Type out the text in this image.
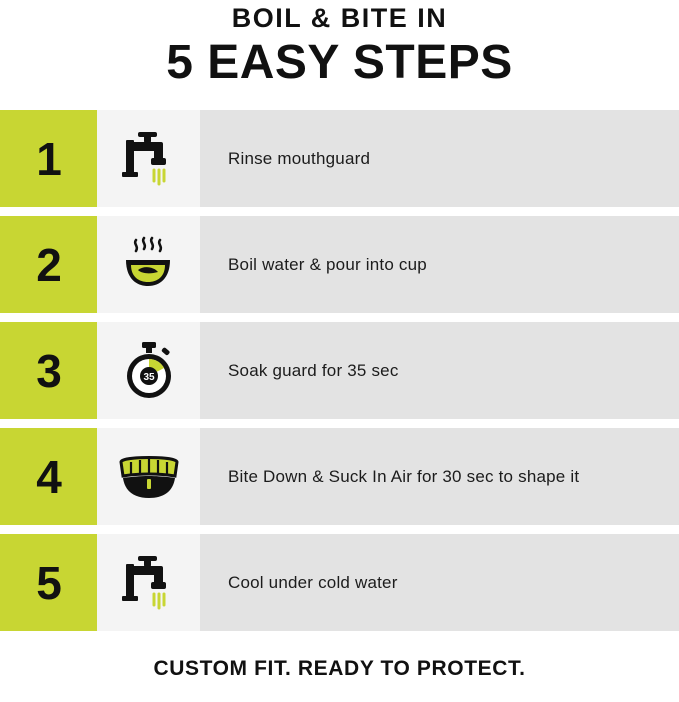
BOIL & BITE IN
5 EASY STEPS
1	Rinse mouthguard
2	Boil water & pour into cup
3	35	Soak guard for 35 sec
4	Bite Down & Suck In Air for 30 sec to shape it
5	Cool under cold water
CUSTOM FIT. READY TO PROTECT.
